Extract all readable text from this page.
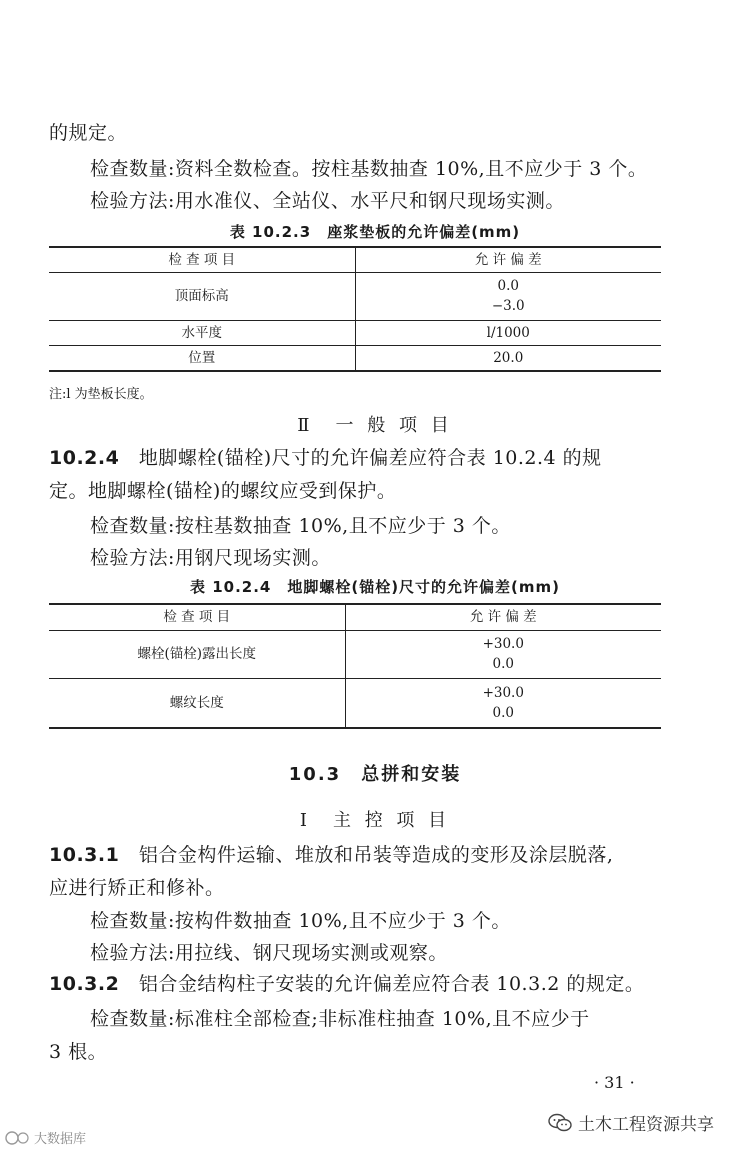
的规定。
检查数量:资料全数检查。按柱基数抽查 10%,且不应少于 3 个。
检验方法:用水准仪、全站仪、水平尺和钢尺现场实测。
表 10.2.3　座浆垫板的允许偏差(mm)
检 查 项 目	允 许 偏 差
顶面标高	0.0
−3.0

水平度	l/1000
位置	20.0
注:l 为垫板长度。
Ⅱ　一 般 项 目
10.2.4　 地脚螺栓(锚栓)尺寸的允许偏差应符合表 10.2.4 的规
定。地脚螺栓(锚栓)的螺纹应受到保护。
检查数量:按柱基数抽查 10%,且不应少于 3 个。
检验方法:用钢尺现场实测。
表 10.2.4　地脚螺栓(锚栓)尺寸的允许偏差(mm)
检 查 项 目	允 许 偏 差
螺栓(锚栓)露出长度	+30.0
0.0

螺纹长度	+30.0
0.0
10.3　总拼和安装
Ⅰ　主 控 项 目
10.3.1　 铝合金构件运输、堆放和吊装等造成的变形及涂层脱落,
应进行矫正和修补。
检查数量:按构件数抽查 10%,且不应少于 3 个。
检验方法:用拉线、钢尺现场实测或观察。
10.3.2　 铝合金结构柱子安装的允许偏差应符合表 10.3.2 的规定。
检查数量:标准柱全部检查;非标准柱抽查 10%,且不应少于
3 根。
· 31 ·
土木工程资源共享
大数据库
